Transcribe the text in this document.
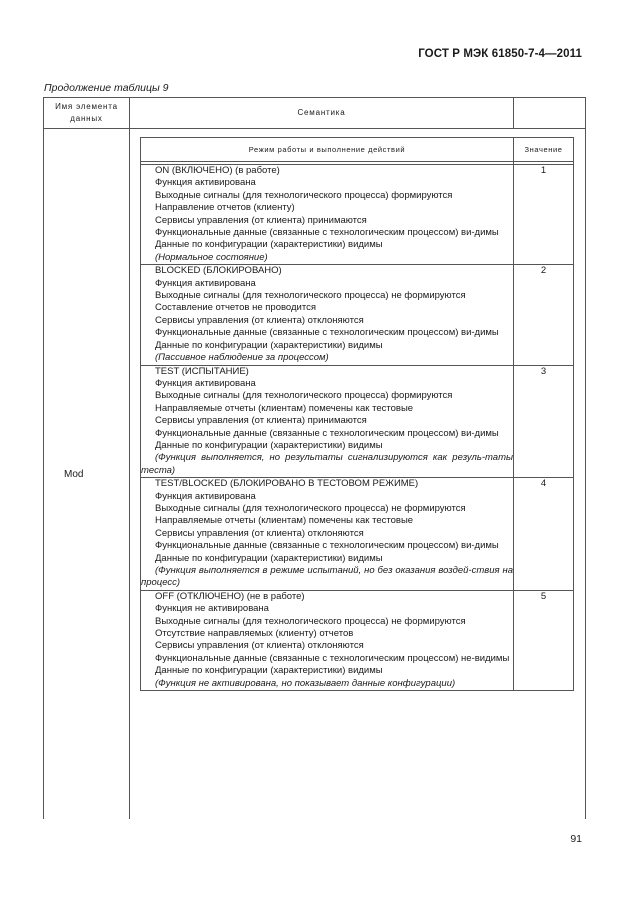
ГОСТ Р МЭК 61850-7-4—2011
Продолжение таблицы 9
Имя элемента
данных	Семантика	
Mod	
Режим работы и выполнение действий	Значение

ON (ВКЛЮЧЕНО) (в работе)
Функция активирована
Выходные сигналы (для технологического процесса) формируются
Направление отчетов (клиенту)
Сервисы управления (от клиента) принимаются
Функциональные данные (связанные с технологическим процессом) ви-димы
Данные по конфигурации (характеристики) видимы
(Нормальное состояние)
	1

BLOCKED (БЛОКИРОВАНО)
Функция активирована
Выходные сигналы (для технологического процесса) не формируются
Составление отчетов не проводится
Сервисы управления (от клиента) отклоняются
Функциональные данные (связанные с технологическим процессом) ви-димы
Данные по конфигурации (характеристики) видимы
(Пассивное наблюдение за процессом)
	2

TEST (ИСПЫТАНИЕ)
Функция активирована
Выходные сигналы (для технологического процесса) формируются
Направляемые отчеты (клиентам) помечены как тестовые
Сервисы управления (от клиента) принимаются
Функциональные данные (связанные с технологическим процессом) ви-димы
Данные по конфигурации (характеристики) видимы
(Функция выполняется, но результаты сигнализируются как резуль-таты теста)
	3

TEST/BLOCKED (БЛОКИРОВАНО В ТЕСТОВОМ РЕЖИМЕ)
Функция активирована
Выходные сигналы (для технологического процесса) не формируются
Направляемые отчеты (клиентам) помечены как тестовые
Сервисы управления (от клиента) отклоняются
Функциональные данные (связанные с технологическим процессом) ви-димы
Данные по конфигурации (характеристики) видимы
(Функция выполняется в режиме испытаний, но без оказания воздей-ствия на процесс)
	4

OFF (ОТКЛЮЧЕНО) (не в работе)
Функция не активирована
Выходные сигналы (для технологического процесса) не формируются
Отсутствие направляемых (клиенту) отчетов
Сервисы управления (от клиента) отклоняются
Функциональные данные (связанные с технологическим процессом) не-видимы
Данные по конфигурации (характеристики) видимы
(Функция не активирована, но показывает данные конфигурации)
	5
91
